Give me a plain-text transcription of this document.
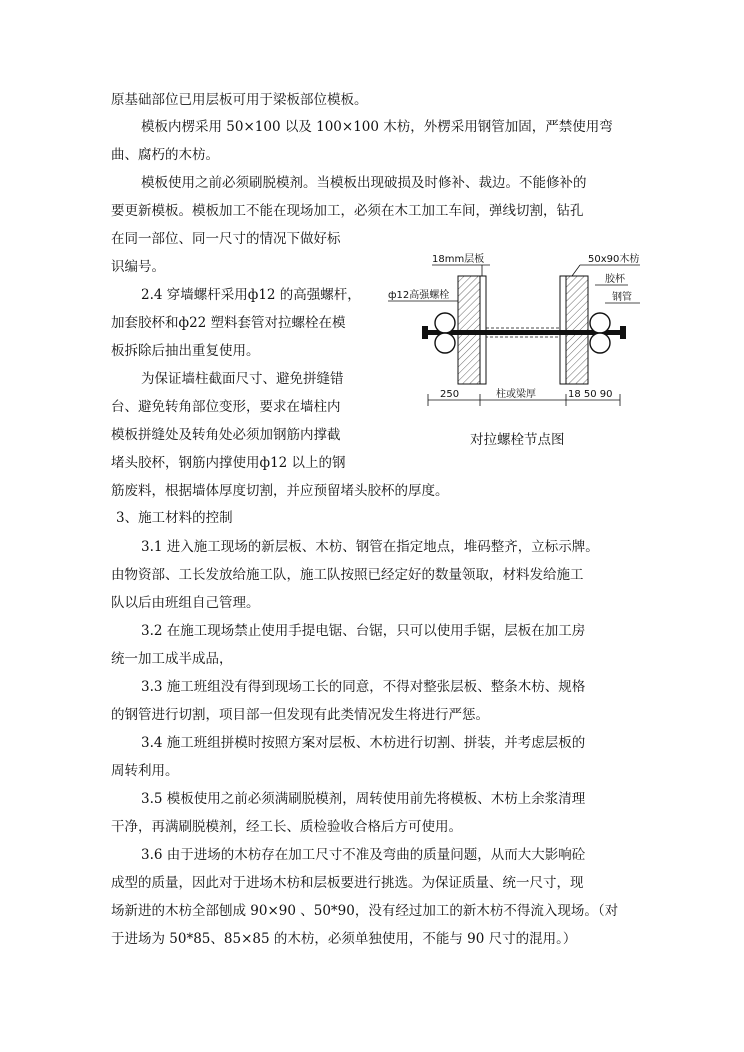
原基础部位已用层板可用于梁板部位模板。
模板内楞采用 50×100 以及 100×100 木枋，外楞采用钢管加固，严禁使用弯
曲、腐朽的木枋。
模板使用之前必须刷脱模剂。当模板出现破损及时修补、裁边。不能修补的
要更新模板。模板加工不能在现场加工，必须在木工加工车间，弹线切割，钻孔
在同一部位、同一尺寸的情况下做好标
识编号。
2.4 穿墙螺杆采用ф12 的高强螺杆，
加套胶杯和ф22 塑料套管对拉螺栓在模
板拆除后抽出重复使用。
为保证墙柱截面尺寸、避免拼缝错
台、避免转角部位变形，要求在墙柱内
模板拼缝处及转角处必须加钢筋内撑截
堵头胶杯，钢筋内撑使用ф12 以上的钢
筋废料，根据墙体厚度切割，并应预留堵头胶杯的厚度。
3、施工材料的控制
3.1 进入施工现场的新层板、木枋、钢管在指定地点，堆码整齐，立标示牌。
由物资部、工长发放给施工队，施工队按照已经定好的数量领取，材料发给施工
队以后由班组自己管理。
3.2 在施工现场禁止使用手提电锯、台锯，只可以使用手锯，层板在加工房
统一加工成半成品，
3.3 施工班组没有得到现场工长的同意，不得对整张层板、整条木枋、规格
的钢管进行切割，项目部一但发现有此类情况发生将进行严惩。
3.4 施工班组拼模时按照方案对层板、木枋进行切割、拼装，并考虑层板的
周转利用。
3.5 模板使用之前必须满刷脱模剂，周转使用前先将模板、木枋上余浆清理
干净，再满刷脱模剂，经工长、质检验收合格后方可使用。
3.6 由于进场的木枋存在加工尺寸不准及弯曲的质量问题，从而大大影响砼
成型的质量，因此对于进场木枋和层板要进行挑选。为保证质量、统一尺寸，现
场新进的木枋全部刨成 90×90 、50*90，没有经过加工的新木枋不得流入现场。（对
于进场为 50*85、85×85 的木枋，必须单独使用，不能与 90 尺寸的混用。）
18mm层板	50x90木枋
胶杯
钢管
ф12高强螺栓
250	柱或梁厚	18 50 90
对拉螺栓节点图
